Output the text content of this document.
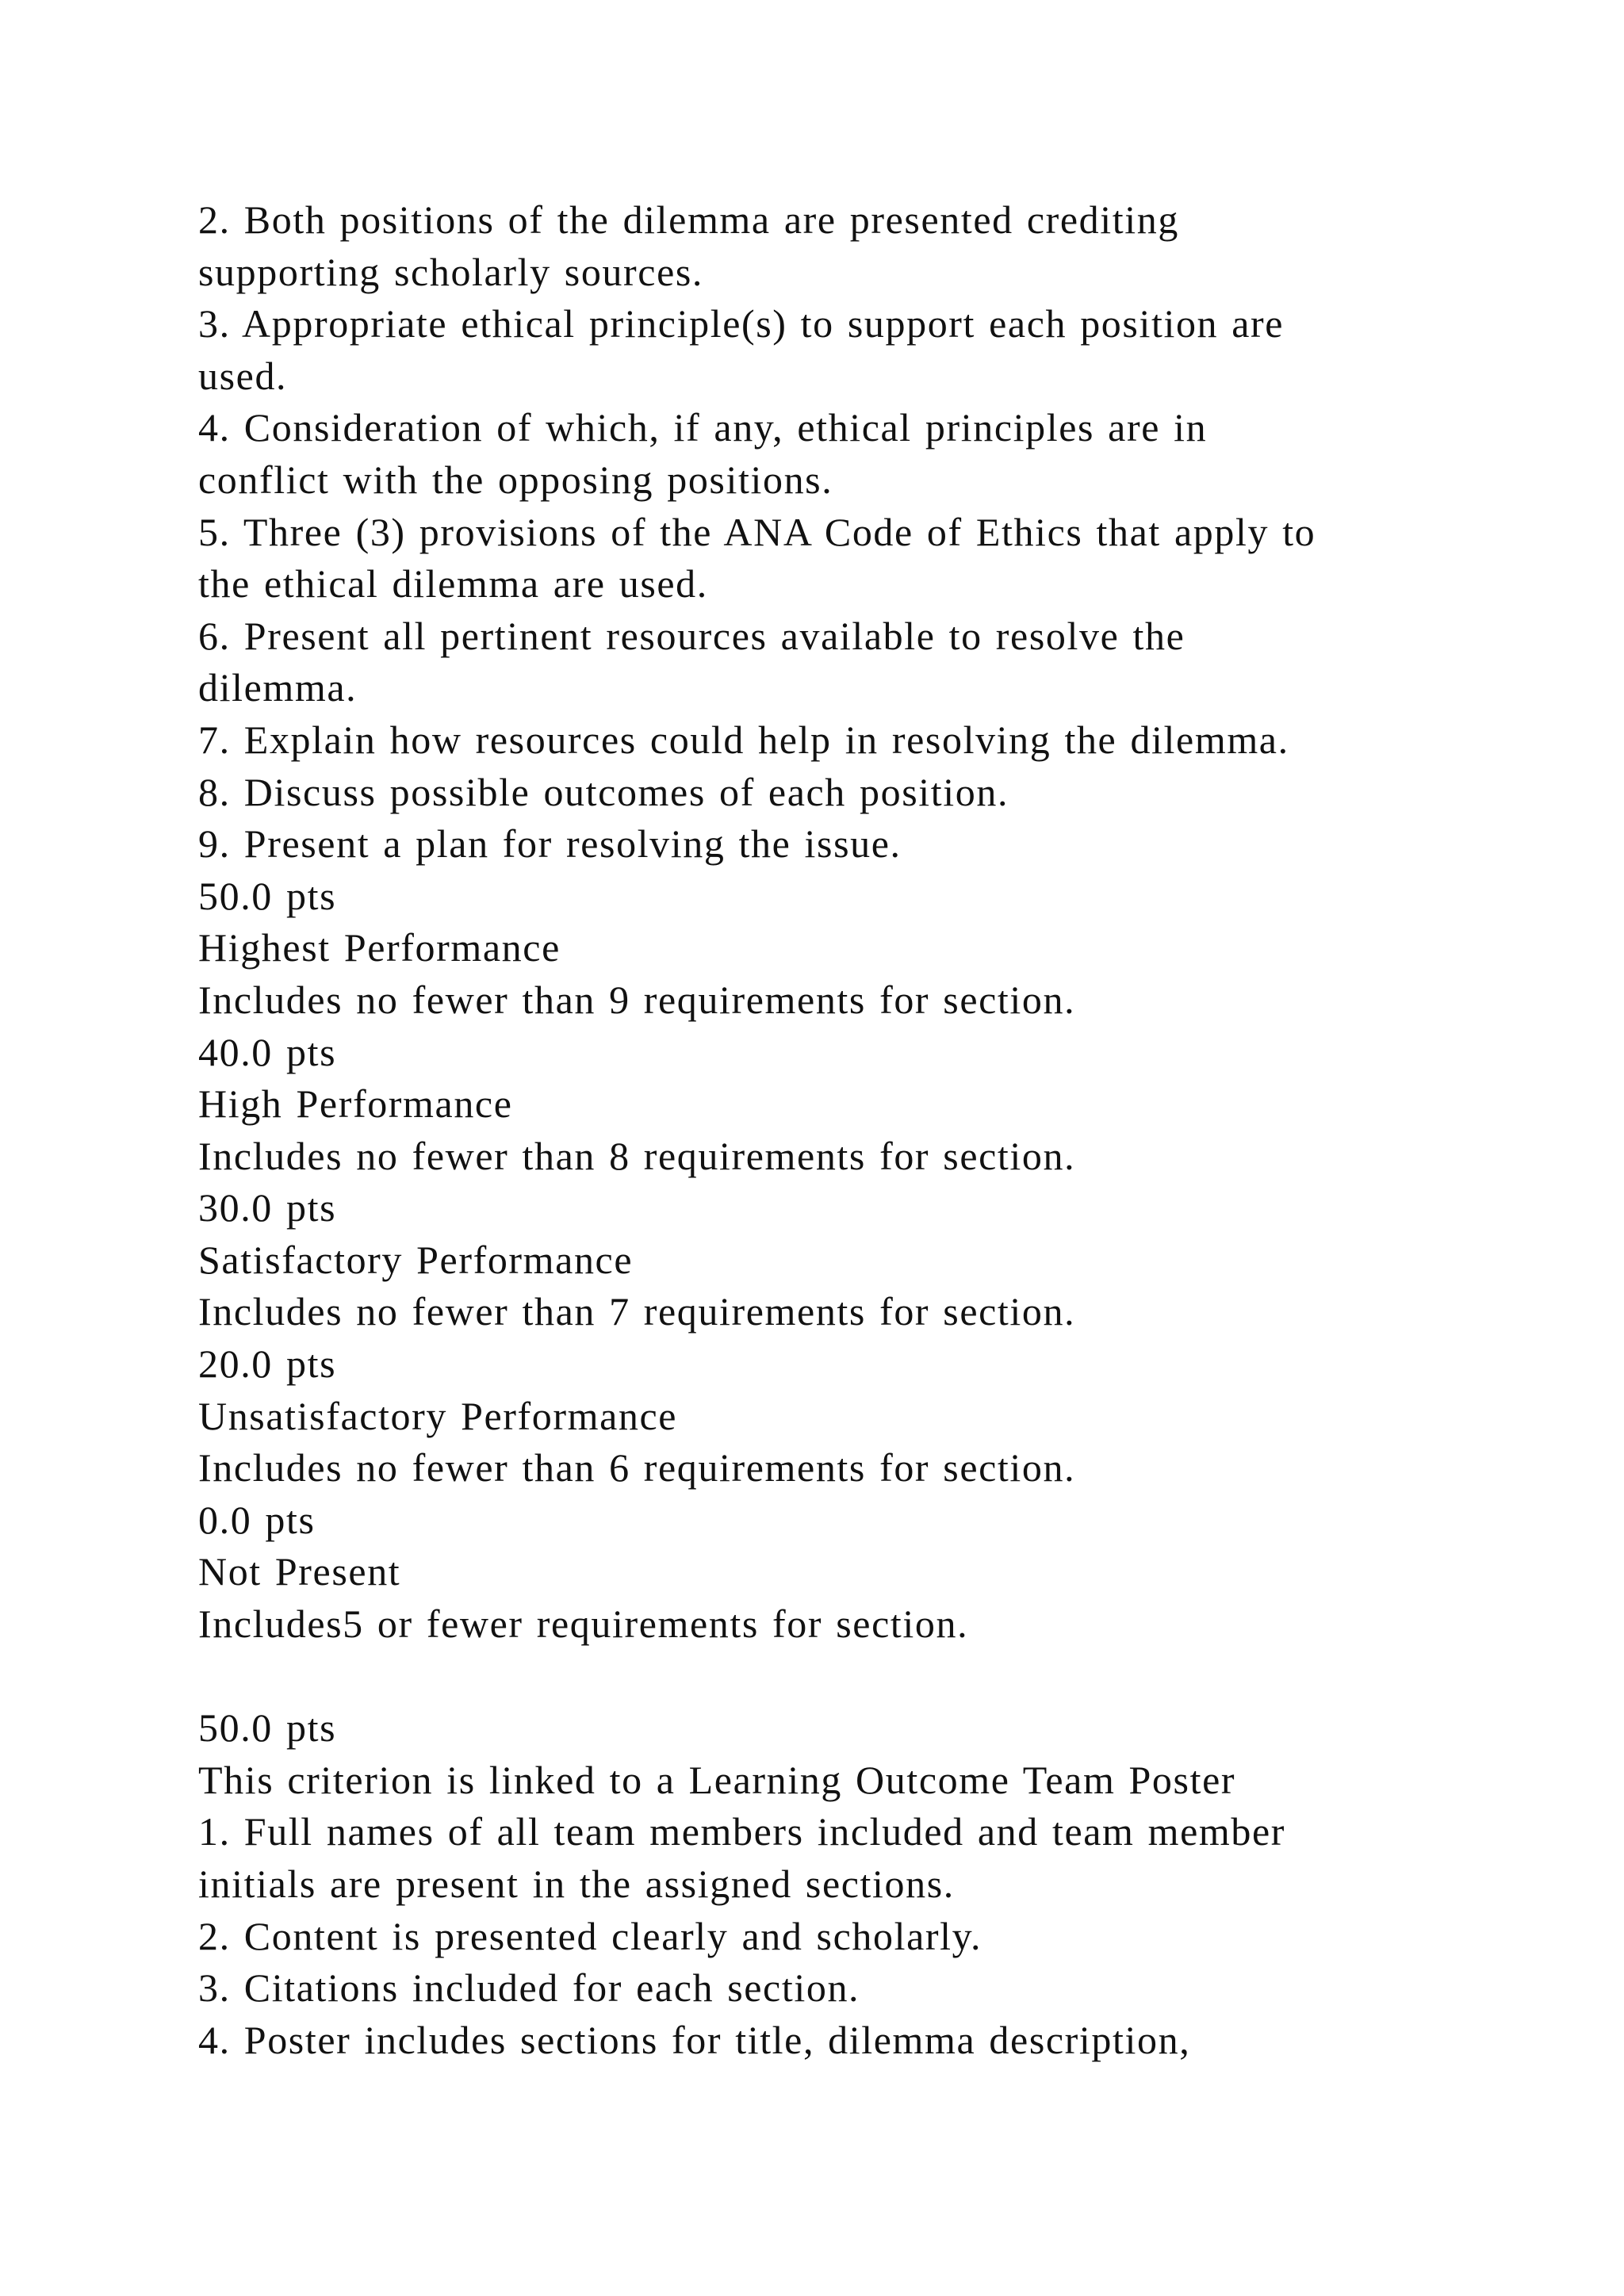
2. Both positions of the dilemma are presented crediting
supporting scholarly sources.
3. Appropriate ethical principle(s) to support each position are
used.
4. Consideration of which, if any, ethical principles are in
conflict with the opposing positions.
5. Three (3) provisions of the ANA Code of Ethics that apply to
the ethical dilemma are used.
6. Present all pertinent resources available to resolve the
dilemma.
7. Explain how resources could help in resolving the dilemma.
8. Discuss possible outcomes of each position.
9. Present a plan for resolving the issue.
50.0 pts
Highest Performance
Includes no fewer than 9 requirements for section.
40.0 pts
High Performance
Includes no fewer than 8 requirements for section.
30.0 pts
Satisfactory Performance
Includes no fewer than 7 requirements for section.
20.0 pts
Unsatisfactory Performance
Includes no fewer than 6 requirements for section.
0.0 pts
Not Present
Includes5 or fewer requirements for section.
50.0 pts
This criterion is linked to a Learning Outcome Team Poster
1. Full names of all team members included and team member
initials are present in the assigned sections.
2. Content is presented clearly and scholarly.
3. Citations included for each section.
4. Poster includes sections for title, dilemma description,
